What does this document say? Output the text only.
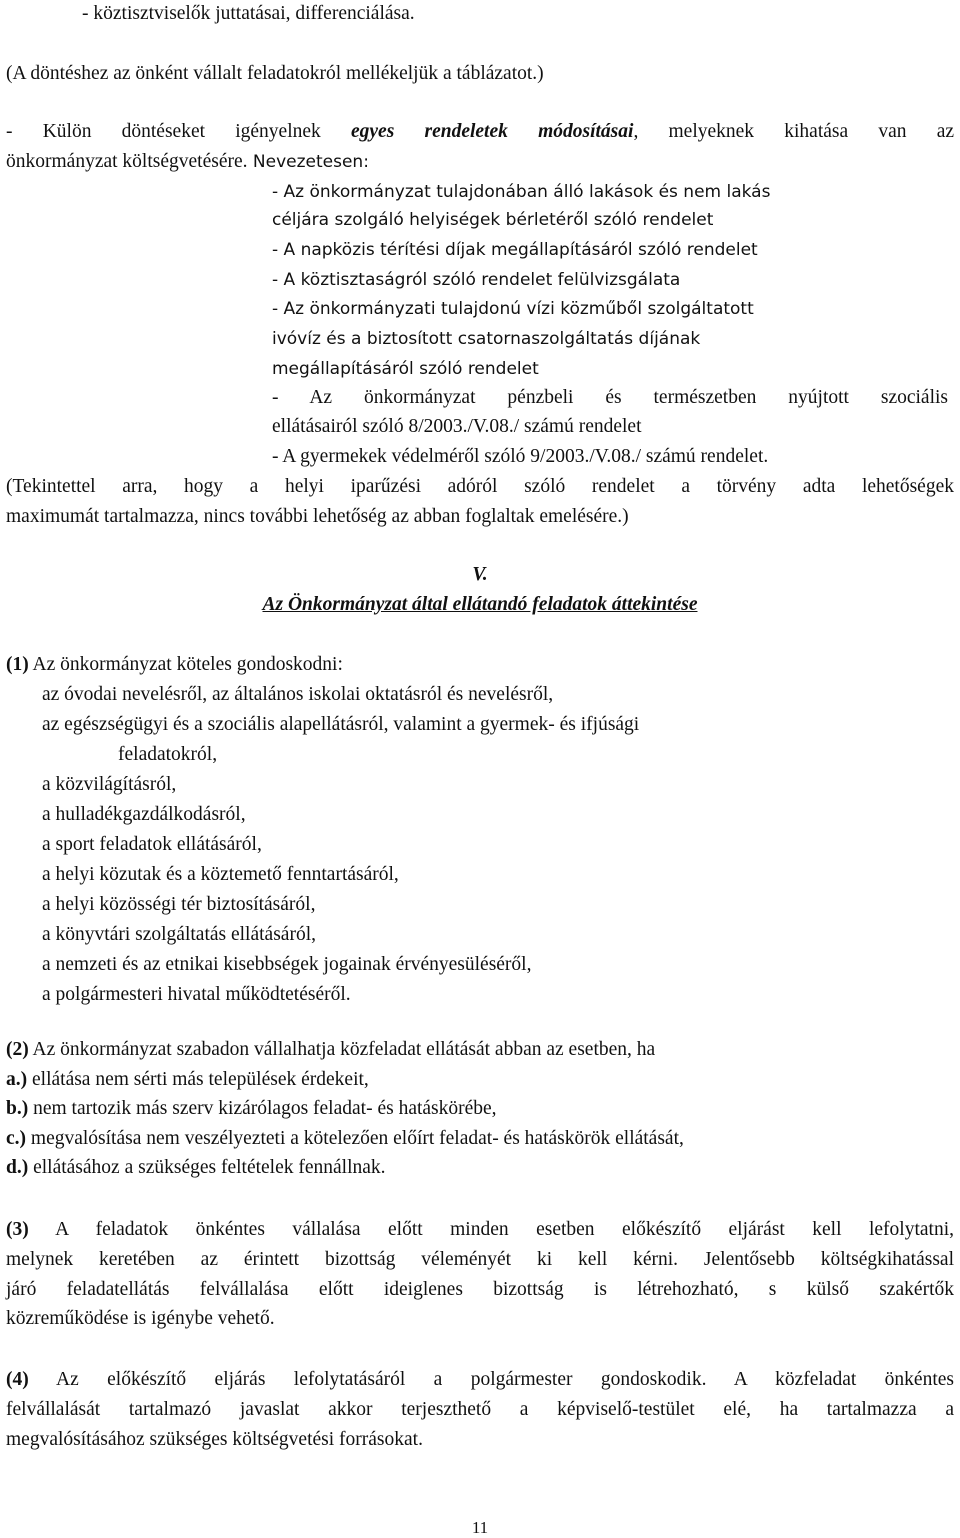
- köztisztviselők juttatásai, differenciálása.
(A döntéshez az önként vállalt feladatokról mellékeljük a táblázatot.)
- Külön döntéseket igényelnek egyes rendeletek módosításai, melyeknek kihatása van az
önkormányzat költségvetésére. Nevezetesen:
- Az önkormányzat tulajdonában álló lakások és nem lakás
céljára szolgáló helyiségek bérletéről szóló rendelet
- A napközis térítési díjak megállapításáról szóló rendelet
- A köztisztaságról szóló rendelet felülvizsgálata
- Az önkormányzati tulajdonú vízi közműből szolgáltatott
ivóvíz és a biztosított csatornaszolgáltatás díjának
megállapításáról szóló rendelet
- Az önkormányzat pénzbeli és természetben nyújtott szociális
ellátásairól szóló 8/2003./V.08./ számú rendelet
- A gyermekek védelméről szóló 9/2003./V.08./ számú rendelet.
(Tekintettel arra, hogy a helyi iparűzési adóról szóló rendelet a törvény adta lehetőségek
maximumát tartalmazza, nincs további lehetőség az abban foglaltak emelésére.)
V.
Az Önkormányzat által ellátandó feladatok áttekintése
(1) Az önkormányzat köteles gondoskodni:
az óvodai nevelésről, az általános iskolai oktatásról és nevelésről,
az egészségügyi és a szociális alapellátásról, valamint a gyermek- és ifjúsági
feladatokról,
a közvilágításról,
a hulladékgazdálkodásról,
a sport feladatok ellátásáról,
a helyi közutak és a köztemető fenntartásáról,
a helyi közösségi tér biztosításáról,
a könyvtári szolgáltatás ellátásáról,
a nemzeti és az etnikai kisebbségek jogainak érvényesüléséről,
a polgármesteri hivatal működtetéséről.
(2) Az önkormányzat szabadon vállalhatja közfeladat ellátását abban az esetben, ha
a.) ellátása nem sérti más települések érdekeit,
b.) nem tartozik más szerv kizárólagos feladat- és hatáskörébe,
c.) megvalósítása nem veszélyezteti a kötelezően előírt feladat- és hatáskörök ellátását,
d.) ellátásához a szükséges feltételek fennállnak.
(3) A feladatok önkéntes vállalása előtt minden esetben előkészítő eljárást kell lefolytatni,
melynek keretében az érintett bizottság véleményét ki kell kérni. Jelentősebb költségkihatással
járó feladatellátás felvállalása előtt ideiglenes bizottság is létrehozható, s külső szakértők
közreműködése is igénybe vehető.
(4) Az előkészítő eljárás lefolytatásáról a polgármester gondoskodik. A közfeladat önkéntes
felvállalását tartalmazó javaslat akkor terjeszthető a képviselő-testület elé, ha tartalmazza a
megvalósításához szükséges költségvetési forrásokat.
11
